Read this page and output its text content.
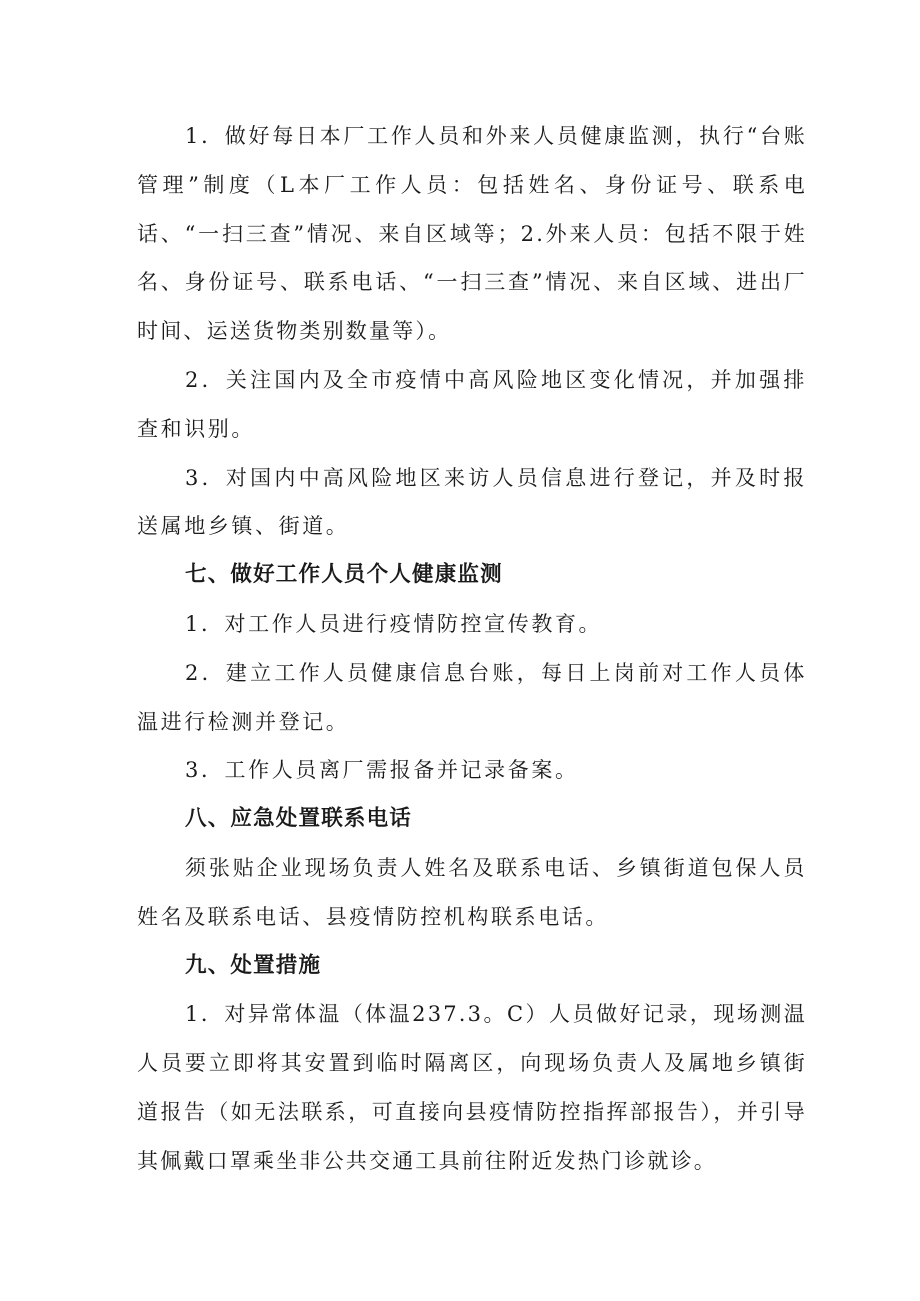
1．做好每日本厂工作人员和外来人员健康监测，执行“台账管理”制度（L本厂工作人员：包括姓名、身份证号、联系电话、“一扫三查”情况、来自区域等；2.外来人员：包括不限于姓名、身份证号、联系电话、“一扫三查”情况、来自区域、进出厂时间、运送货物类别数量等）。

2．关注国内及全市疫情中高风险地区变化情况，并加强排查和识别。

3．对国内中高风险地区来访人员信息进行登记，并及时报送属地乡镇、街道。

七、做好工作人员个人健康监测

1．对工作人员进行疫情防控宣传教育。

2．建立工作人员健康信息台账，每日上岗前对工作人员体温进行检测并登记。

3．工作人员离厂需报备并记录备案。

八、应急处置联系电话

须张贴企业现场负责人姓名及联系电话、乡镇街道包保人员姓名及联系电话、县疫情防控机构联系电话。

九、处置措施

1．对异常体温（体温237.3。C）人员做好记录，现场测温人员要立即将其安置到临时隔离区，向现场负责人及属地乡镇街道报告（如无法联系，可直接向县疫情防控指挥部报告），并引导其佩戴口罩乘坐非公共交通工具前往附近发热门诊就诊。
